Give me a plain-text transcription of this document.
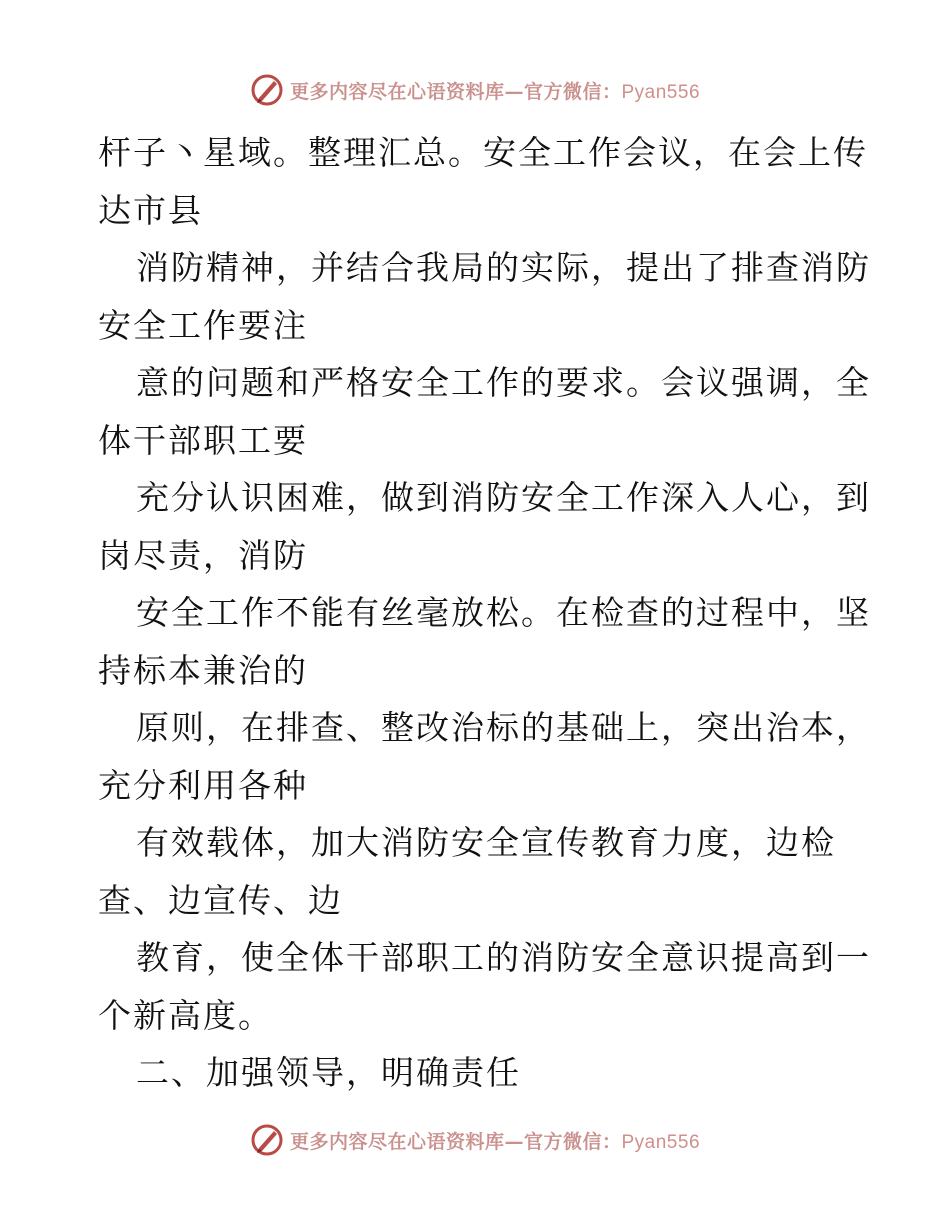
更多内容尽在心语资料库—官方微信：Pyan556
杆子丶星域。整理汇总。安全工作会议，在会上传
达市县
消防精神，并结合我局的实际，提出了排查消防
安全工作要注
意的问题和严格安全工作的要求。会议强调，全
体干部职工要
充分认识困难，做到消防安全工作深入人心，到
岗尽责，消防
安全工作不能有丝毫放松。在检查的过程中，坚
持标本兼治的
原则，在排查、整改治标的基础上，突出治本，
充分利用各种
有效载体，加大消防安全宣传教育力度，边检
查、边宣传、边
教育，使全体干部职工的消防安全意识提高到一
个新高度。
二、加强领导，明确责任
更多内容尽在心语资料库—官方微信：Pyan556
